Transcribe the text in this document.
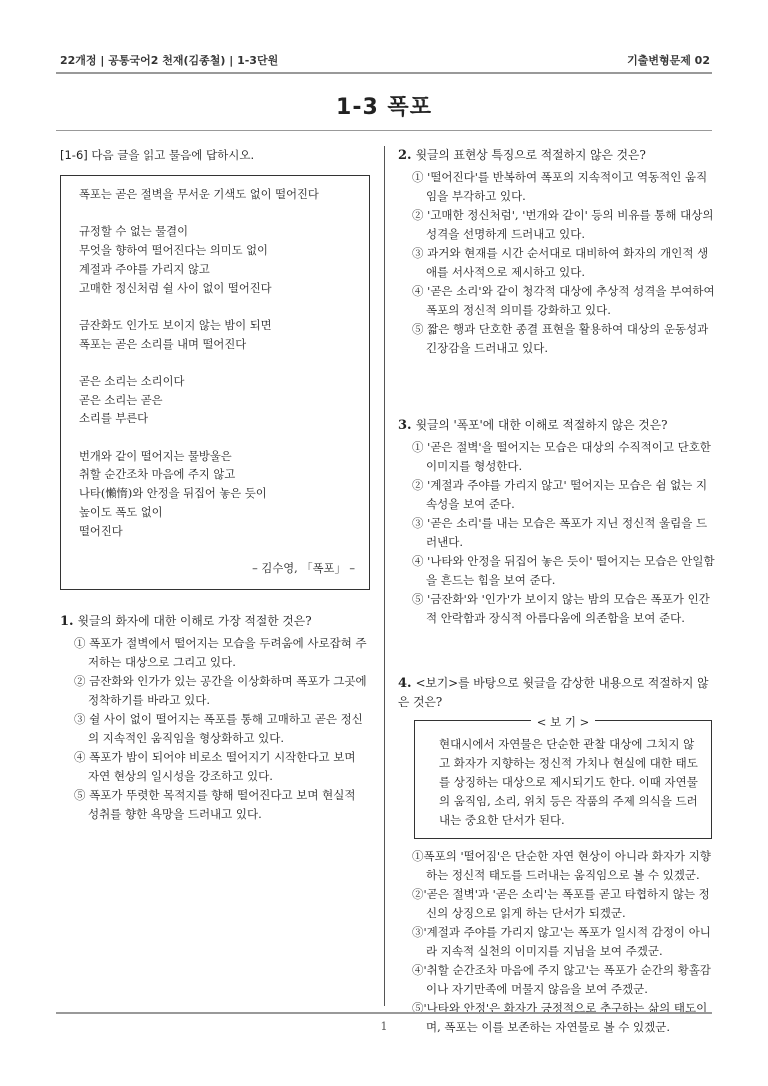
22개정 | 공통국어2 천재(김종철) | 1-3단원	기출변형문제 02
1-3 폭포
[1-6] 다음 글을 읽고 물음에 답하시오.
폭포는 곧은 절벽을 무서운 기색도 없이 떨어진다
규정할 수 없는 물결이
무엇을 향하여 떨어진다는 의미도 없이
계절과 주야를 가리지 않고
고매한 정신처럼 쉴 사이 없이 떨어진다
금잔화도 인가도 보이지 않는 밤이 되면
폭포는 곧은 소리를 내며 떨어진다
곧은 소리는 소리이다
곧은 소리는 곧은
소리를 부른다
번개와 같이 떨어지는 물방울은
취할 순간조차 마음에 주지 않고
나타(懶惰)와 안정을 뒤집어 놓은 듯이
높이도 폭도 없이
떨어진다
– 김수영, 「폭포」 –
1. 윗글의 화자에 대한 이해로 가장 적절한 것은?
① 폭포가 절벽에서 떨어지는 모습을 두려움에 사로잡혀 주저하는 대상으로 그리고 있다.
② 금잔화와 인가가 있는 공간을 이상화하며 폭포가 그곳에 정착하기를 바라고 있다.
③ 쉴 사이 없이 떨어지는 폭포를 통해 고매하고 곧은 정신의 지속적인 움직임을 형상화하고 있다.
④ 폭포가 밤이 되어야 비로소 떨어지기 시작한다고 보며 자연 현상의 일시성을 강조하고 있다.
⑤ 폭포가 뚜렷한 목적지를 향해 떨어진다고 보며 현실적 성취를 향한 욕망을 드러내고 있다.
2. 윗글의 표현상 특징으로 적절하지 않은 것은?
① '떨어진다'를 반복하여 폭포의 지속적이고 역동적인 움직임을 부각하고 있다.
② '고매한 정신처럼', '번개와 같이' 등의 비유를 통해 대상의 성격을 선명하게 드러내고 있다.
③ 과거와 현재를 시간 순서대로 대비하여 화자의 개인적 생애를 서사적으로 제시하고 있다.
④ '곧은 소리'와 같이 청각적 대상에 추상적 성격을 부여하여 폭포의 정신적 의미를 강화하고 있다.
⑤ 짧은 행과 단호한 종결 표현을 활용하여 대상의 운동성과 긴장감을 드러내고 있다.
3. 윗글의 '폭포'에 대한 이해로 적절하지 않은 것은?
① '곧은 절벽'을 떨어지는 모습은 대상의 수직적이고 단호한 이미지를 형성한다.
② '계절과 주야를 가리지 않고' 떨어지는 모습은 쉼 없는 지속성을 보여 준다.
③ '곧은 소리'를 내는 모습은 폭포가 지닌 정신적 울림을 드러낸다.
④ '나타와 안정을 뒤집어 놓은 듯이' 떨어지는 모습은 안일함을 흔드는 힘을 보여 준다.
⑤ '금잔화'와 '인가'가 보이지 않는 밤의 모습은 폭포가 인간적 안락함과 장식적 아름다움에 의존함을 보여 준다.
4. <보기>를 바탕으로 윗글을 감상한 내용으로 적절하지 않은 것은?
< 보 기 >
현대시에서 자연물은 단순한 관찰 대상에 그치지 않고 화자가 지향하는 정신적 가치나 현실에 대한 태도를 상징하는 대상으로 제시되기도 한다. 이때 자연물의 움직임, 소리, 위치 등은 작품의 주제 의식을 드러내는 중요한 단서가 된다.
①폭포의 '떨어짐'은 단순한 자연 현상이 아니라 화자가 지향하는 정신적 태도를 드러내는 움직임으로 볼 수 있겠군.
②'곧은 절벽'과 '곧은 소리'는 폭포를 곧고 타협하지 않는 정신의 상징으로 읽게 하는 단서가 되겠군.
③'계절과 주야를 가리지 않고'는 폭포가 일시적 감정이 아니라 지속적 실천의 이미지를 지님을 보여 주겠군.
④'취할 순간조차 마음에 주지 않고'는 폭포가 순간의 황홀감이나 자기만족에 머물지 않음을 보여 주겠군.
⑤'나타와 안정'은 화자가 긍정적으로 추구하는 삶의 태도이며, 폭포는 이를 보존하는 자연물로 볼 수 있겠군.
1
